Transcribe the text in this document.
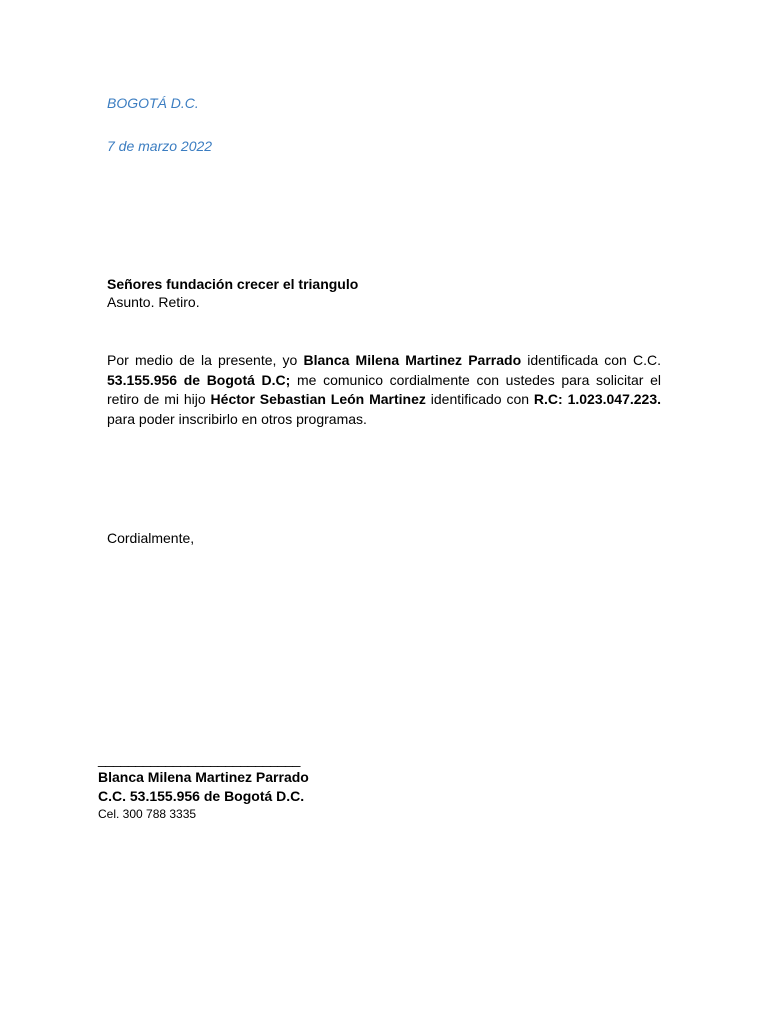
BOGOTÁ D.C.
7 de marzo 2022
Señores fundación crecer el triangulo
Asunto. Retiro.
Por medio de la presente, yo Blanca Milena Martinez Parrado identificada con C.C. 53.155.956 de Bogotá D.C; me comunico cordialmente con ustedes para solicitar el retiro de mi hijo Héctor Sebastian León Martinez identificado con R.C: 1.023.047.223. para poder inscribirlo en otros programas.
Cordialmente,
___________________________
Blanca Milena Martinez Parrado
C.C. 53.155.956 de Bogotá D.C.
Cel. 300 788 3335
